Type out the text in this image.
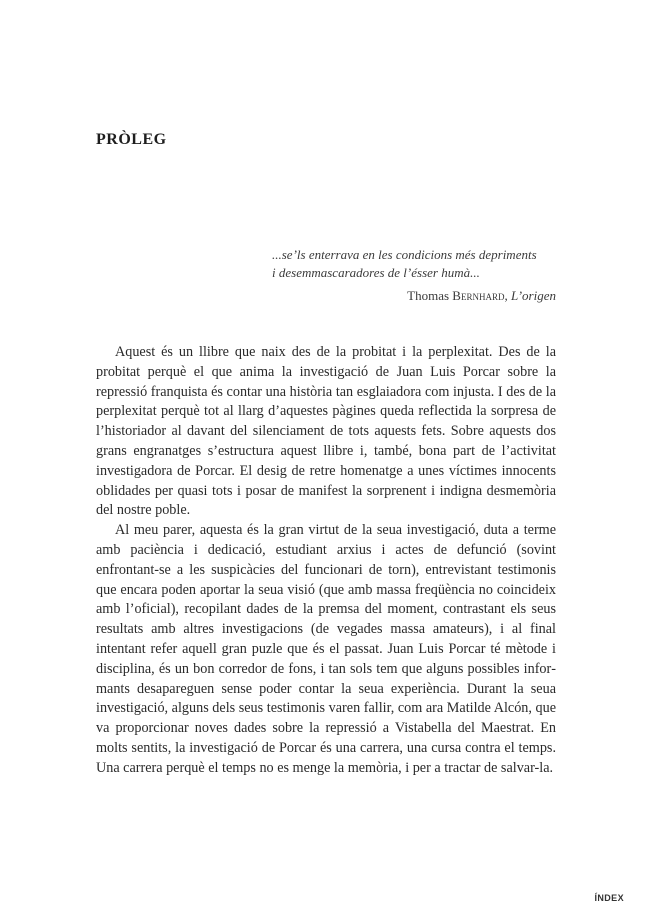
PRÒLEG
...se’ls enterrava en les condicions més depriments
i desemmascaradores de l’ésser humà...
Thomas Bernhard, L’origen

Aquest és un llibre que naix des de la probitat i la perplexitat. Des de la probitat perquè el que anima la investigació de Juan Luis Porcar sobre la repressió franquista és contar una història tan esglaiadora com injusta. I des de la perplexitat perquè tot al llarg d’aquestes pàgines queda reflectida la sorpresa de l’historiador al davant del silenciament de tots aquests fets. Sobre aquests dos grans engranatges s’estructura aquest llibre i, també, bona part de l’activitat investigadora de Porcar. El desig de retre homenatge a unes víctimes innocents oblidades per quasi tots i posar de manifest la sorprenent i indigna desmemòria del nostre poble.

Al meu parer, aquesta és la gran virtut de la seua investigació, duta a terme amb paciència i dedicació, estudiant arxius i actes de defunció (sovint enfrontant-se a les suspicàcies del funcionari de torn), entrevistant testimonis que encara poden aportar la seua visió (que amb massa freqüència no coincideix amb l’oficial), recopilant dades de la premsa del moment, contrastant els seus resultats amb altres investigacions (de vegades massa amateurs), i al final intentant refer aquell gran puzle que és el passat. Juan Luis Porcar té mètode i disciplina, és un bon corredor de fons, i tan sols tem que alguns possibles informants desapareguen sense poder contar la seua experiència. Durant la seua investigació, alguns dels seus testimonis varen fallir, com ara Matilde Alcón, que va proporcionar noves dades sobre la repressió a Vistabella del Maestrat. En molts sentits, la investigació de Porcar és una carrera, una cursa contra el temps. Una carrera perquè el temps no es menge la memòria, i per a tractar de salvar-la.

ÍNDEX
